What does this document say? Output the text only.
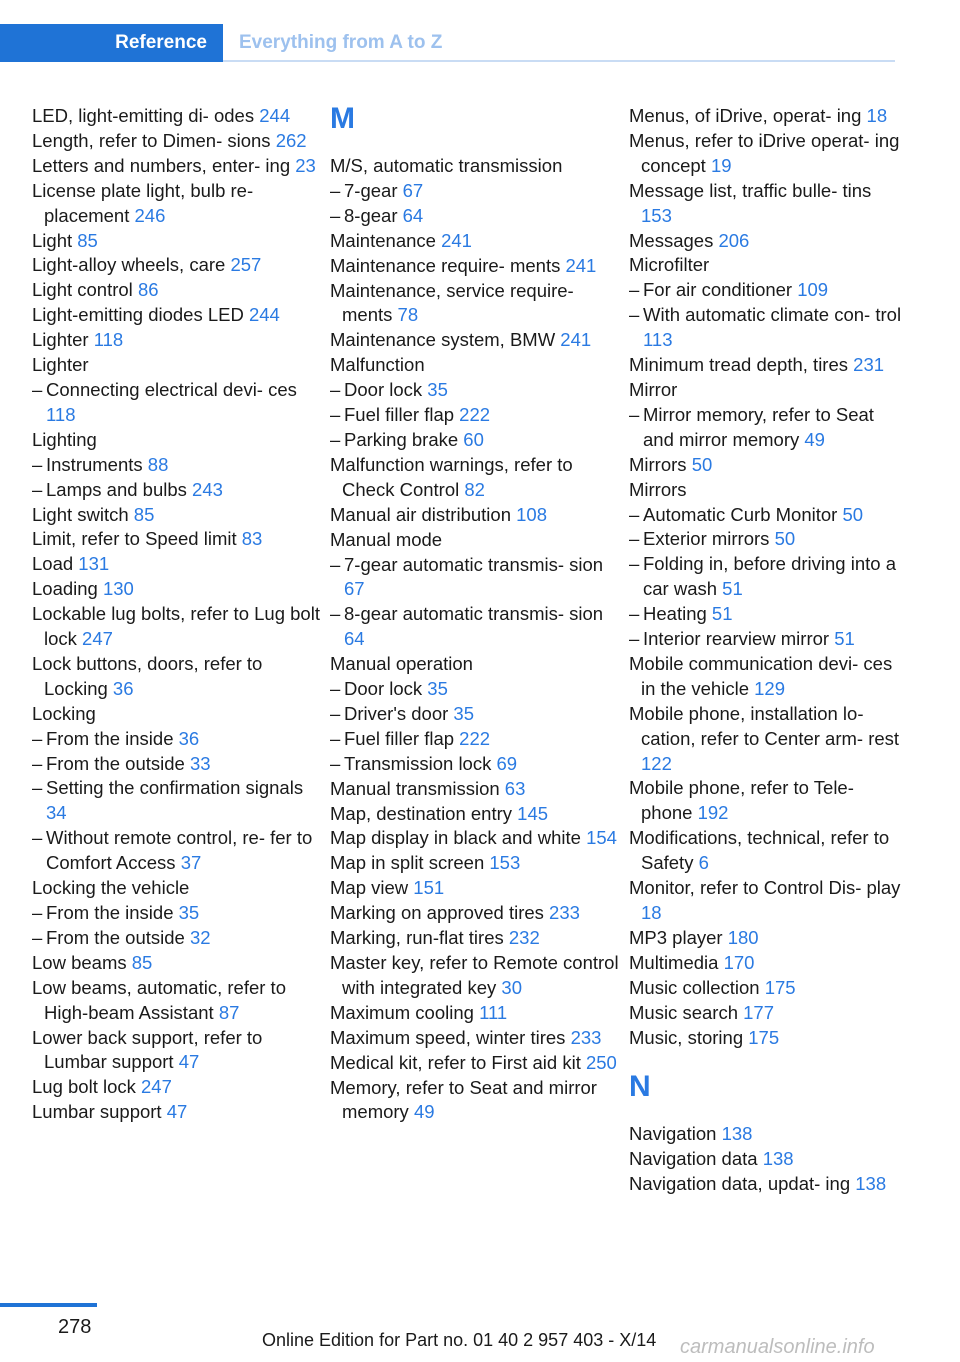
Reference Everything from A to Z
LED, light-emitting di- odes 244
Length, refer to Dimen- sions 262
Letters and numbers, enter- ing 23
License plate light, bulb re- placement 246
Light 85
Light-alloy wheels, care 257
Light control 86
Light-emitting diodes LED 244
Lighter 118
Lighter
– Connecting electrical devi- ces 118
Lighting
– Instruments 88
– Lamps and bulbs 243
Light switch 85
Limit, refer to Speed limit 83
Load 131
Loading 130
Lockable lug bolts, refer to Lug bolt lock 247
Lock buttons, doors, refer to Locking 36
Locking
– From the inside 36
– From the outside 33
– Setting the confirmation signals 34
– Without remote control, re- fer to Comfort Access 37
Locking the vehicle
– From the inside 35
– From the outside 32
Low beams 85
Low beams, automatic, refer to High-beam Assistant 87
Lower back support, refer to Lumbar support 47
Lug bolt lock 247
Lumbar support 47
M
M/S, automatic transmission
– 7-gear 67
– 8-gear 64
Maintenance 241
Maintenance require- ments 241
Maintenance, service require- ments 78
Maintenance system, BMW 241
Malfunction
– Door lock 35
– Fuel filler flap 222
– Parking brake 60
Malfunction warnings, refer to Check Control 82
Manual air distribution 108
Manual mode
– 7-gear automatic transmis- sion 67
– 8-gear automatic transmis- sion 64
Manual operation
– Door lock 35
– Driver's door 35
– Fuel filler flap 222
– Transmission lock 69
Manual transmission 63
Map, destination entry 145
Map display in black and white 154
Map in split screen 153
Map view 151
Marking on approved tires 233
Marking, run-flat tires 232
Master key, refer to Remote control with integrated key 30
Maximum cooling 111
Maximum speed, winter tires 233
Medical kit, refer to First aid kit 250
Memory, refer to Seat and mirror memory 49
Menus, of iDrive, operat- ing 18
Menus, refer to iDrive operat- ing concept 19
Message list, traffic bulle- tins 153
Messages 206
Microfilter
– For air conditioner 109
– With automatic climate con- trol 113
Minimum tread depth, tires 231
Mirror
– Mirror memory, refer to Seat and mirror memory 49
Mirrors 50
Mirrors
– Automatic Curb Monitor 50
– Exterior mirrors 50
– Folding in, before driving into a car wash 51
– Heating 51
– Interior rearview mirror 51
Mobile communication devi- ces in the vehicle 129
Mobile phone, installation lo- cation, refer to Center arm- rest 122
Mobile phone, refer to Tele- phone 192
Modifications, technical, refer to Safety 6
Monitor, refer to Control Dis- play 18
MP3 player 180
Multimedia 170
Music collection 175
Music search 177
Music, storing 175
N
Navigation 138
Navigation data 138
Navigation data, updat- ing 138
278
Online Edition for Part no. 01 40 2 957 403 - X/14 carmanualsonline.info
